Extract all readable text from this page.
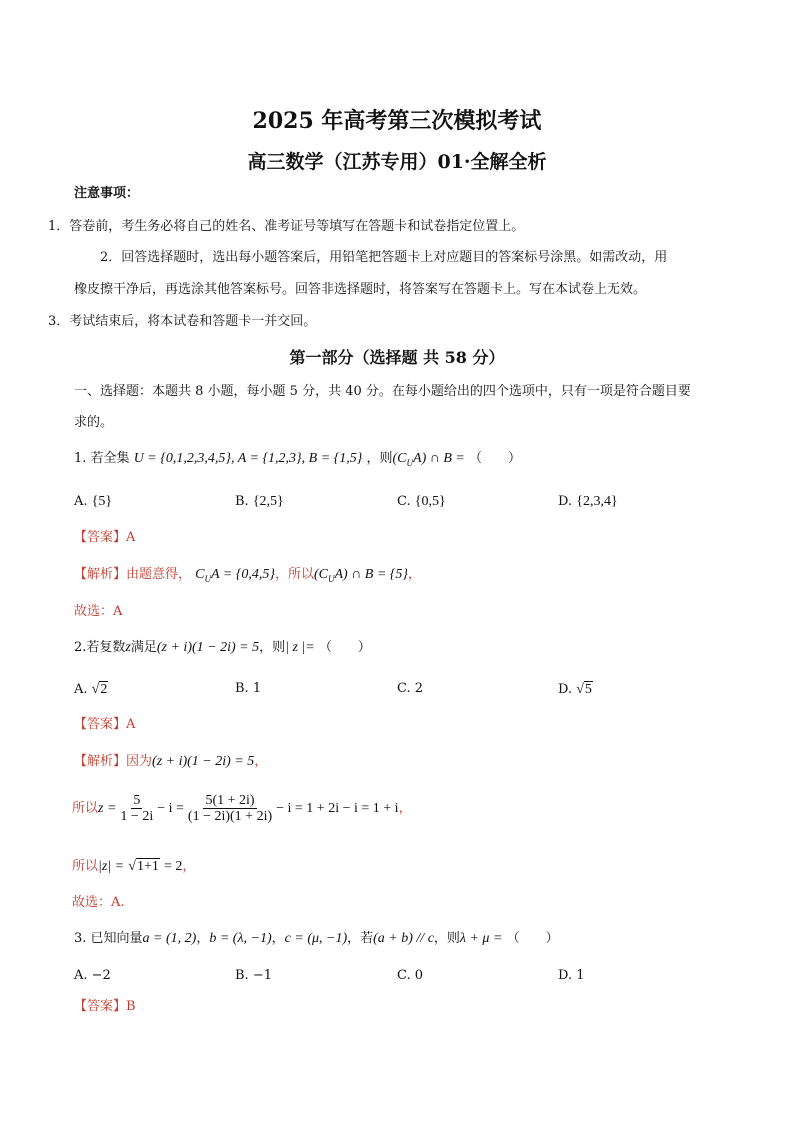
2025 年高考第三次模拟考试
高三数学（江苏专用）01·全解全析
注意事项：
1．答卷前，考生务必将自己的姓名、准考证号等填写在答题卡和试卷指定位置上。
2．回答选择题时，选出每小题答案后，用铅笔把答题卡上对应题目的答案标号涂黑。如需改动，用
橡皮擦干净后，再选涂其他答案标号。回答非选择题时，将答案写在答题卡上。写在本试卷上无效。
3．考试结束后，将本试卷和答题卡一并交回。
第一部分（选择题 共 58 分）
一、选择题：本题共 8 小题，每小题 5 分，共 40 分。在每小题给出的四个选项中，只有一项是符合题目要
求的。
1. 若全集 U = {0,1,2,3,4,5}, A = {1,2,3}, B = {1,5} ，则$(C_UA)$ ∩ B = （　　）
A. {5}	B. {2,5}	C. {0,5}	D. {2,3,4}
【答案】A
【解析】由题意得， $C_UA = \{0,4,5\}$，所以$(C_UA)$ ∩ B = {5}，
故选：A
2.若复数z满足(z + i)(1 − 2i) = 5，则| z |= （　　）
A. √2	B. 1	C. 2	D. √5
【答案】A
【解析】因为(z + i)(1 − 2i) = 5，
所以 $z = \frac{5}{1 - 2i} - i = \frac{5(1 + 2i)}{(1 - 2i)(1 + 2i)} - i = 1 + 2i - i = 1 + i$ ，
所以|z| = √1+1 = 2，
故选：A.
3. 已知向量a = (1, 2)，b = (λ, −1)，c = (μ, −1)，若(a + b) // c，则λ + μ = （　　）
A. −2	B. −1	C. 0	D. 1
【答案】B
